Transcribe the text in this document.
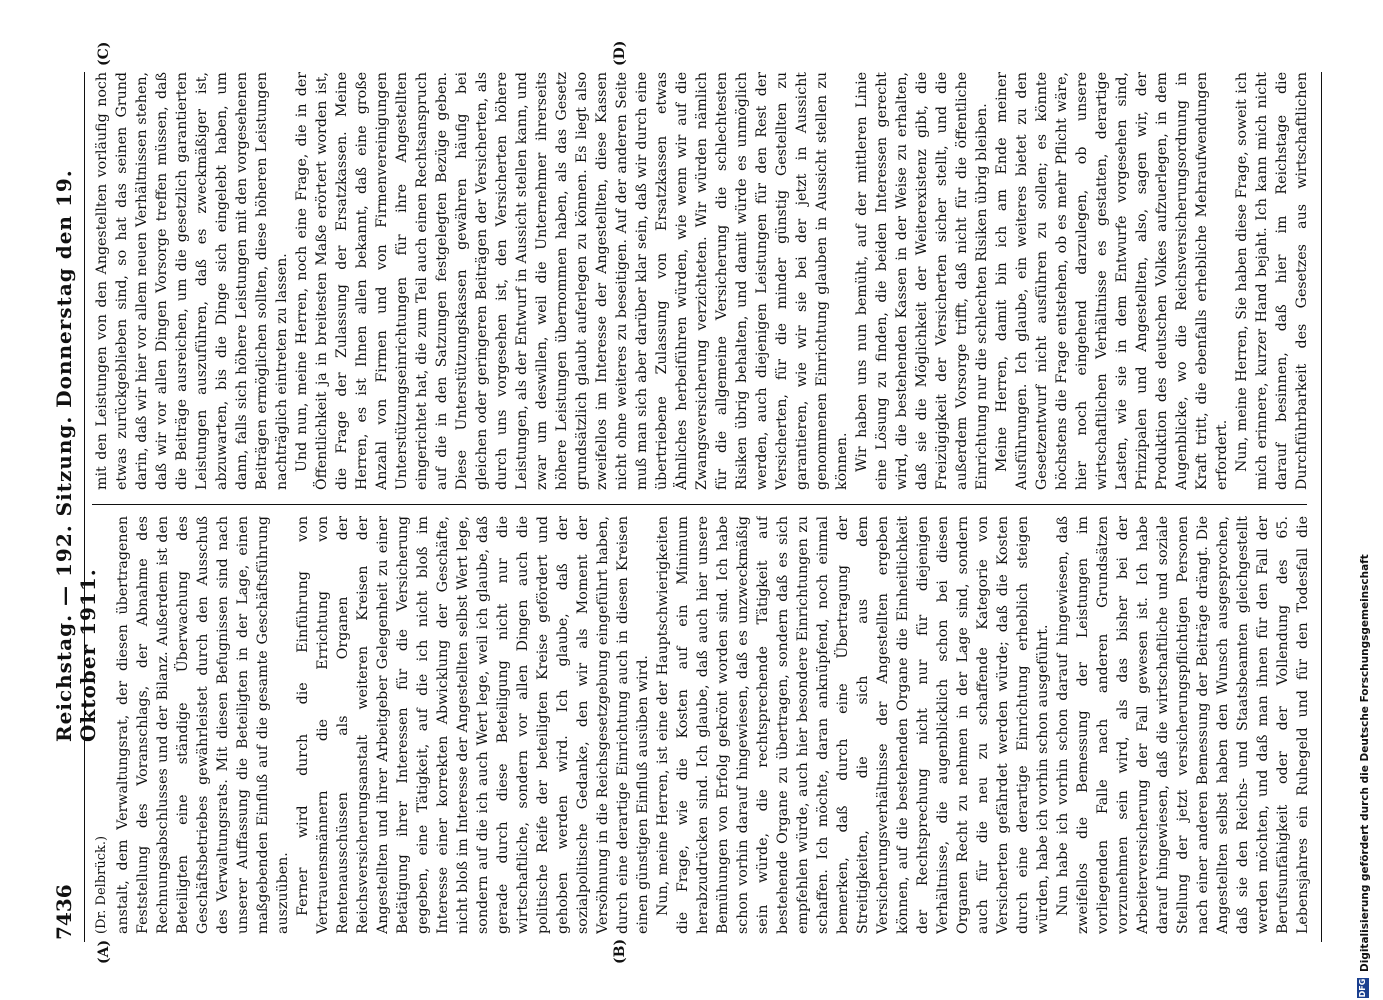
7436
Reichstag. — 192. Sitzung. Donnerstag den 19. Oktober 1911.
(A)	(B)
(C)	(D)
(Dr. Delbrück.) anstalt, dem Verwaltungsrat, der diesen übertragenen Feststellung des Voranschlags, der Abnahme des Rechnungsabschlusses und der Bilanz. Außerdem ist den Beteiligten eine ständige Überwachung des Geschäftsbetriebes gewährleistet durch den Ausschuß des Verwaltungsrats. Mit diesen Befugnissen sind nach unserer Auffassung die Beteiligten in der Lage, einen maßgebenden Einfluß auf die gesamte Geschäftsführung auszuüben. Ferner wird durch die Einführung von Vertrauensmännern die Errichtung von Rentenausschüssen als Organen der Reichsversicherungsanstalt weiteren Kreisen der Angestellten und ihrer Arbeitgeber Gelegenheit zu einer Betätigung ihrer Interessen für die Versicherung gegeben, eine Tätigkeit, auf die ich nicht bloß im Interesse einer korrekten Abwicklung der Geschäfte, nicht bloß im Interesse der Angestellten selbst Wert lege, sondern auf die ich auch Wert lege, weil ich glaube, daß gerade durch diese Beteiligung nicht nur die wirtschaftliche, sondern vor allen Dingen auch die politische Reife der beteiligten Kreise gefördert und gehoben werden wird. Ich glaube, daß der sozialpolitische Gedanke, den wir als Moment der Versöhnung in die Reichsgesetzgebung eingeführt haben, durch eine derartige Einrichtung auch in diesen Kreisen einen günstigen Einfluß ausüben wird. Nun, meine Herren, ist eine der Hauptschwierigkeiten die Frage, wie die Kosten auf ein Minimum herabzudrücken sind. Ich glaube, daß auch hier unsere Bemühungen von Erfolg gekrönt worden sind. Ich habe schon vorhin darauf hingewiesen, daß es unzweckmäßig sein würde, die rechtsprechende Tätigkeit auf bestehende Organe zu übertragen, sondern daß es sich empfehlen würde, auch hier besondere Einrichtungen zu schaffen. Ich möchte, daran anknüpfend, noch einmal bemerken, daß durch eine Übertragung der Streitigkeiten, die sich aus dem Versicherungsverhältnisse der Angestellten ergeben können, auf die bestehenden Organe die Einheitlichkeit der Rechtsprechung nicht nur für diejenigen Verhältnisse, die augenblicklich schon bei diesen Organen Recht zu nehmen in der Lage sind, sondern auch für die neu zu schaffende Kategorie von Versicherten gefährdet werden würde; daß die Kosten durch eine derartige Einrichtung erheblich steigen würden, habe ich vorhin schon ausgeführt. Nun habe ich vorhin schon darauf hingewiesen, daß zweifellos die Bemessung der Leistungen im vorliegenden Falle nach anderen Grundsätzen vorzunehmen sein wird, als das bisher bei der Arbeiterversicherung der Fall gewesen ist. Ich habe darauf hingewiesen, daß die wirtschaftliche und soziale Stellung der jetzt versicherungspflichtigen Personen nach einer anderen Bemessung der Beiträge drängt. Die Angestellten selbst haben den Wunsch ausgesprochen, daß sie den Reichs- und Staatsbeamten gleichgestellt werden möchten, und daß man ihnen für den Fall der Berufsunfähigkeit oder der Vollendung des 65. Lebensjahres ein Ruhegeld und für den Todesfall die

mit den Leistungen von den Angestellten vorläufig noch etwas zurückgeblieben sind, so hat das seinen Grund darin, daß wir hier vor allem neuen Verhältnissen stehen, daß wir vor allen Dingen Vorsorge treffen müssen, daß die Beiträge ausreichen, um die gesetzlich garantierten Leistungen auszuführen, daß es zweckmäßiger ist, abzuwarten, bis die Dinge sich eingelebt haben, um dann, falls sich höhere Leistungen mit den vorgesehenen Beiträgen ermöglichen sollten, diese höheren Leistungen nachträglich eintreten zu lassen. Und nun, meine Herren, noch eine Frage, die in der Öffentlichkeit ja in breitesten Maße erörtert worden ist, die Frage der Zulassung der Ersatzkassen. Meine Herren, es ist Ihnen allen bekannt, daß eine große Anzahl von Firmen und von Firmenvereinigungen Unterstützungseinrichtungen für ihre Angestellten eingerichtet hat, die zum Teil auch einen Rechtsanspruch auf die in den Satzungen festgelegten Bezüge geben. Diese Unterstützungskassen gewähren häufig bei gleichen oder geringeren Beiträgen der Versicherten, als durch uns vorgesehen ist, den Versicherten höhere Leistungen, als der Entwurf in Aussicht stellen kann, und zwar um deswillen, weil die Unternehmer ihrerseits höhere Leistungen übernommen haben, als das Gesetz grundsätzlich glaubt auferlegen zu können. Es liegt also zweifellos im Interesse der Angestellten, diese Kassen nicht ohne weiteres zu beseitigen. Auf der anderen Seite muß man sich aber darüber klar sein, daß wir durch eine übertriebene Zulassung von Ersatzkassen etwas Ähnliches herbeiführen würden, wie wenn wir auf die Zwangsversicherung verzichteten. Wir würden nämlich für die allgemeine Versicherung die schlechtesten Risiken übrig behalten, und damit würde es unmöglich werden, auch diejenigen Leistungen für den Rest der Versicherten, für die minder günstig Gestellten zu garantieren, wie wir sie bei der jetzt in Aussicht genommenen Einrichtung glauben in Aussicht stellen zu können. Wir haben uns nun bemüht, auf der mittleren Linie eine Lösung zu finden, die beiden Interessen gerecht wird, die bestehenden Kassen in der Weise zu erhalten, daß sie die Möglichkeit der Weiterexistenz gibt, die Freizügigkeit der Versicherten sicher stellt, und die außerdem Vorsorge trifft, daß nicht für die öffentliche Einrichtung nur die schlechten Risiken übrig bleiben. Meine Herren, damit bin ich am Ende meiner Ausführungen. Ich glaube, ein weiteres bietet zu den Gesetzentwurf nicht ausführen zu sollen; es könnte höchstens die Frage entstehen, ob es mehr Pflicht wäre, hier noch eingehend darzulegen, ob unsere wirtschaftlichen Verhältnisse es gestatten, derartige Lasten, wie sie in dem Entwurfe vorgesehen sind, Prinzipalen und Angestellten, also, sagen wir, der Produktion des deutschen Volkes aufzuerlegen, in dem Augenblicke, wo die Reichsversicherungsordnung in Kraft tritt, die ebenfalls erhebliche Mehraufwendungen erfordert. Nun, meine Herren, Sie haben diese Frage, soweit ich mich erinnere, kurzer Hand bejaht. Ich kann mich nicht darauf besinnen, daß hier im Reichstage die Durchführbarkeit des Gesetzes aus wirtschaftlichen

DFG
Digitalisierung gefördert durch die Deutsche Forschungsgemeinschaft
